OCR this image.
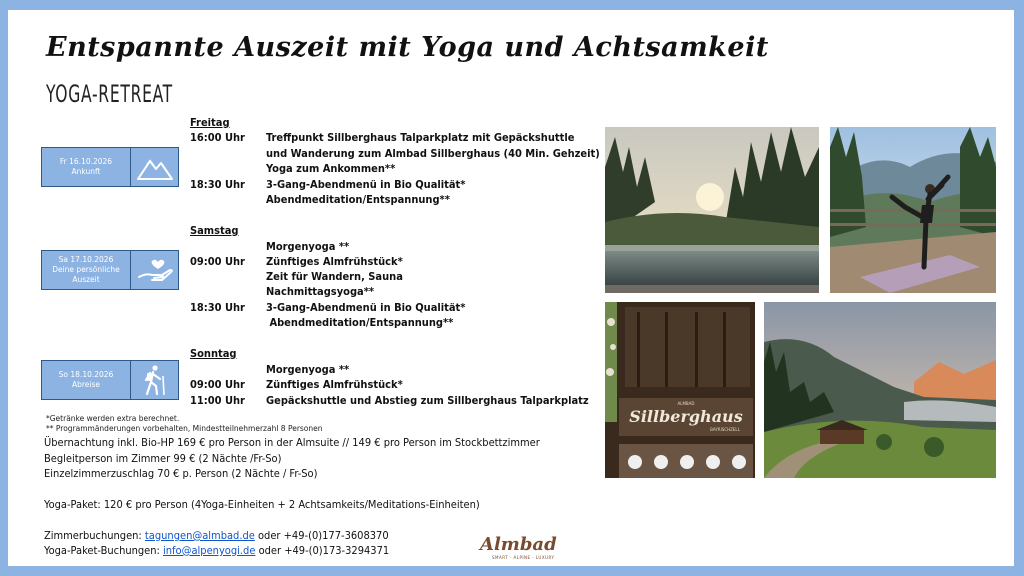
Entspannte Auszeit mit Yoga und Achtsamkeit
YOGA-RETREAT
Fr 16.10.2026
Ankunft
Freitag
16:00 Uhr Treffpunkt Sillberghaus Talparkplatz mit Gepäckshuttle
und Wanderung zum Almbad Sillberghaus (40 Min. Gehzeit)
Yoga zum Ankommen**
18:30 Uhr 3-Gang-Abendmenü in Bio Qualität*
Abendmeditation/Entspannung**
Sa 17.10.2026
Deine persönliche Auszeit
Samstag
Morgenyoga **
09:00 Uhr Zünftiges Almfrühstück*
Zeit für Wandern, Sauna
Nachmittagsyoga**
18:30 Uhr 3-Gang-Abendmenü in Bio Qualität*
Abendmeditation/Entspannung**
So 18.10.2026
Abreise
Sonntag
Morgenyoga **
09:00 Uhr Zünftiges Almfrühstück*
11:00 Uhr Gepäckshuttle und Abstieg zum Sillberghaus Talparkplatz
*Getränke werden extra berechnet.
** Programmänderungen vorbehalten, Mindestteilnehmerzahl 8 Personen
Übernachtung inkl. Bio-HP 169 € pro Person in der Almsuite // 149 € pro Person im Stockbettzimmer
Begleitperson im Zimmer 99 € (2 Nächte /Fr-So)
Einzelzimmerzuschlag 70 € p. Person (2 Nächte / Fr-So)
Yoga-Paket: 120 € pro Person (4Yoga-Einheiten + 2 Achtsamkeits/Meditations-Einheiten)
Zimmerbuchungen: tagungen@almbad.de oder +49-(0)177-3608370
Yoga-Paket-Buchungen: info@alpenyogi.de oder +49-(0)173-3294371	Almbad
SMART · ALPINE · LUXURY
ALMBAD
Sillberghaus
BAYRISCHZELL
